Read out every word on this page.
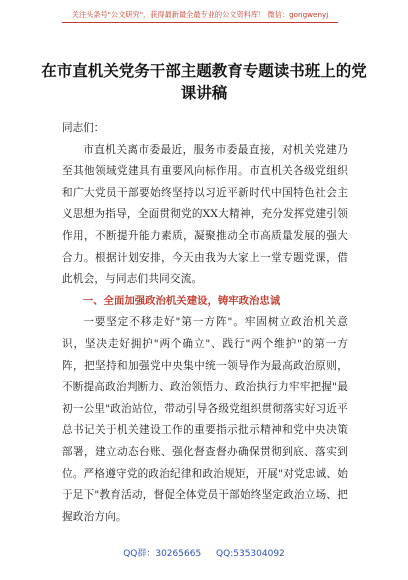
关注头条号"公文研究"，获得最新最全最专业的公文资料库！ 微信：gongwenyj
在市直机关党务干部主题教育专题读书班上的党课讲稿

同志们：

市直机关离市委最近，服务市委最直接，对机关党建乃至其他领域党建具有重要风向标作用。市直机关各级党组织和广大党员干部要始终坚持以习近平新时代中国特色社会主义思想为指导，全面贯彻党的XX大精神，充分发挥党建引领作用，不断提升能力素质，凝聚推动全市高质量发展的强大合力。根据计划安排，今天由我为大家上一堂专题党课，借此机会，与同志们共同交流。

一、全面加强政治机关建设，铸牢政治忠诚

一要坚定不移走好"第一方阵"。牢固树立政治机关意识，坚决走好拥护"两个确立"、践行"两个维护"的第一方阵，把坚持和加强党中央集中统一领导作为最高政治原则，不断提高政治判断力、政治领悟力、政治执行力牢牢把握"最初一公里"政治站位，带动引导各级党组织贯彻落实好习近平总书记关于机关建设工作的重要指示批示精神和党中央决策部署，建立动态台账、强化督查督办确保贯彻到底、落实到位。严格遵守党的政治纪律和政治规矩，开展"对党忠诚、始于足下"教育活动，督促全体党员干部始终坚定政治立场、把握政治方向。

QQ群：30265665 QQ:535304092
